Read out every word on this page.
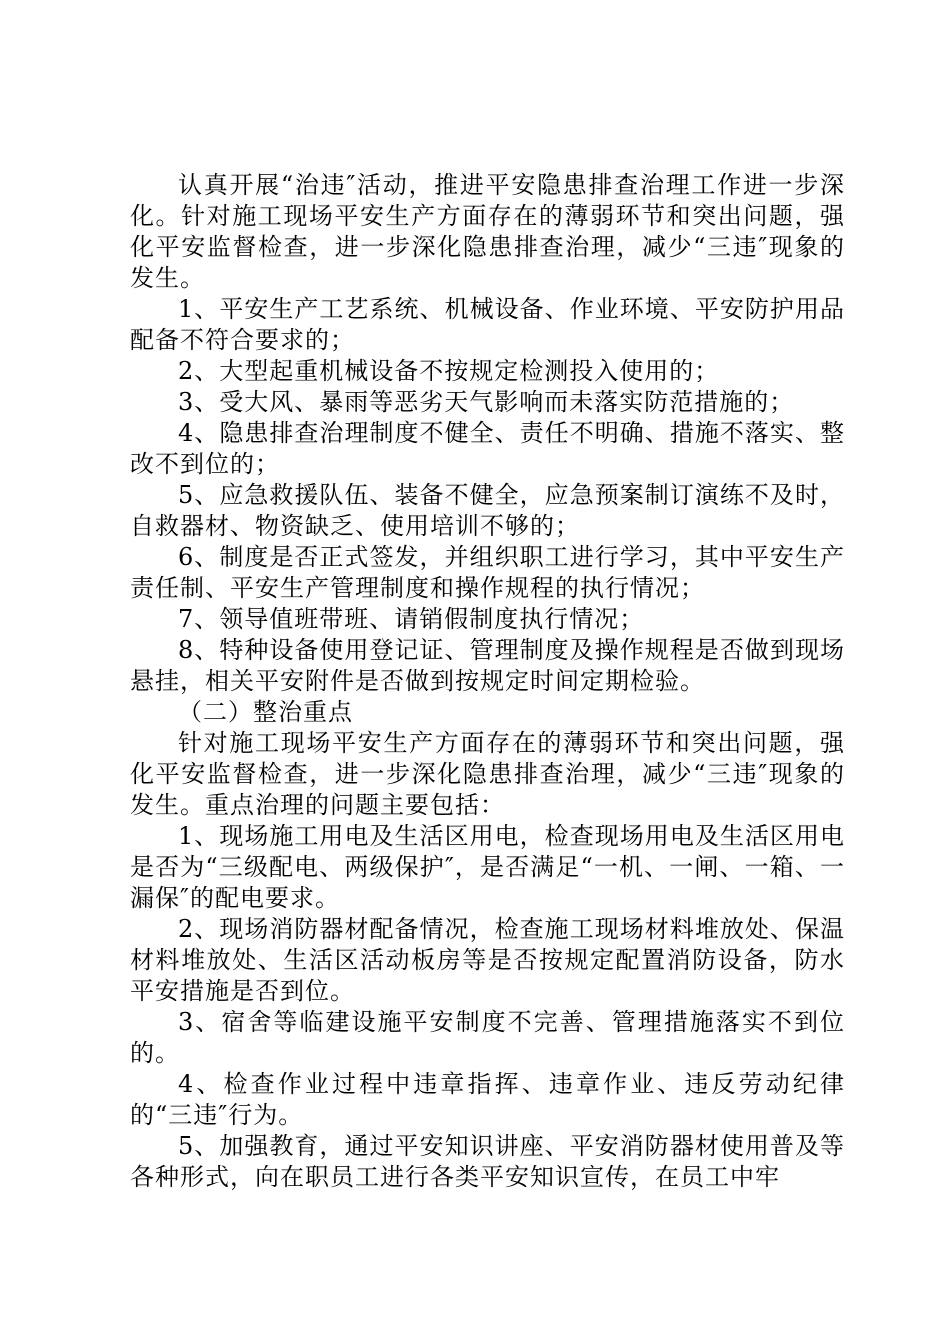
认真开展“治违″活动，推进平安隐患排查治理工作进一步深化。针对施工现场平安生产方面存在的薄弱环节和突出问题，强化平安监督检查，进一步深化隐患排查治理，减少“三违″现象的发生。

1、平安生产工艺系统、机械设备、作业环境、平安防护用品配备不符合要求的；

2、大型起重机械设备不按规定检测投入使用的；

3、受大风、暴雨等恶劣天气影响而未落实防范措施的；

4、隐患排查治理制度不健全、责任不明确、措施不落实、整改不到位的；

5、应急救援队伍、装备不健全，应急预案制订演练不及时，自救器材、物资缺乏、使用培训不够的；

6、制度是否正式签发，并组织职工进行学习，其中平安生产责任制、平安生产管理制度和操作规程的执行情况；

7、领导值班带班、请销假制度执行情况；

8、特种设备使用登记证、管理制度及操作规程是否做到现场悬挂，相关平安附件是否做到按规定时间定期检验。

（二）整治重点

针对施工现场平安生产方面存在的薄弱环节和突出问题，强化平安监督检查，进一步深化隐患排查治理，减少“三违″现象的发生。重点治理的问题主要包括：

1、现场施工用电及生活区用电，检查现场用电及生活区用电是否为“三级配电、两级保护″，是否满足“一机、一闸、一箱、一漏保″的配电要求。

2、现场消防器材配备情况，检查施工现场材料堆放处、保温材料堆放处、生活区活动板房等是否按规定配置消防设备，防水平安措施是否到位。

3、宿舍等临建设施平安制度不完善、管理措施落实不到位的。

4、检查作业过程中违章指挥、违章作业、违反劳动纪律的“三违″行为。

5、加强教育，通过平安知识讲座、平安消防器材使用普及等各种形式，向在职员工进行各类平安知识宣传，在员工中牢
